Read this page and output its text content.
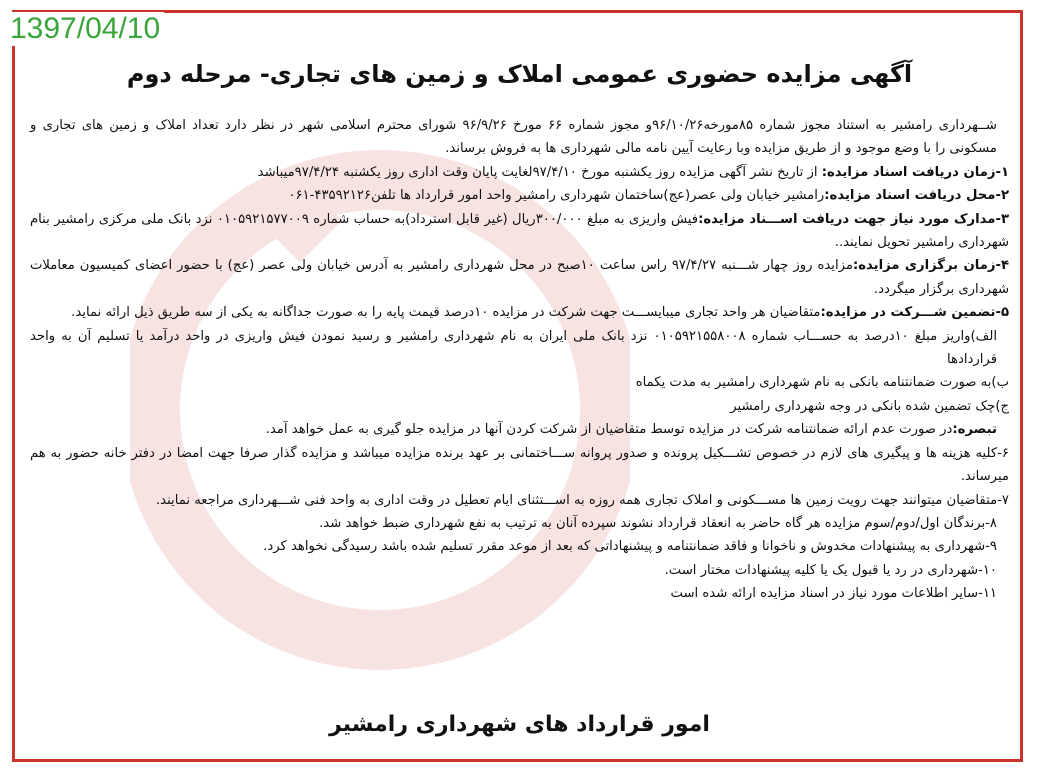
1397/04/10
آگهی مزایده حضوری عمومی املاک و زمین های تجاری- مرحله دوم

شــهرداری رامشیر به استناد مجوز شماره ۸۵مورخه۹۶/۱۰/۲۶و مجوز شماره ۶۶ مورخ ۹۶/۹/۲۶ شورای محترم اسلامی شهر در نظر دارد تعداد املاک و زمین های تجاری و مسکونی را با وضع موجود و از طریق مزایده وبا رعایت آیین نامه مالی شهرداری ها به فروش برساند.

۱-زمان دریافت اسناد مزایده: از تاریخ نشر آگهی مزایده روز یکشنبه مورخ ۹۷/۴/۱۰لغایت پایان وقت اداری روز یکشنبه ۹۷/۴/۲۴میباشد

۲-محل دریافت اسناد مزایده:رامشیر خیابان ولی عصر(عج)ساختمان شهرداری رامشیر واحد امور قرارداد ها تلفن۴۳۵۹۲۱۲۶-۰۶۱

۳-مدارک مورد نیاز جهت دریافت اســـناد مزایده:فیش واریزی به مبلغ ۳۰۰/۰۰۰ریال (غیر قابل استرداد)به حساب شماره ۰۱۰۵۹۲۱۵۷۷۰۰۹ نزد بانک ملی مرکزی رامشیر بنام شهرداری رامشیر تحویل نمایند..

۴-زمان برگزاری مزایده:مزایده روز چهار شـــنبه ۹۷/۴/۲۷ راس ساعت ۱۰صبح در محل شهرداری رامشیر به آدرس خیابان ولی عصر (عج) با حضور اعضای کمیسیون معاملات شهرداری برگزار میگردد.

۵-تضمین شـــرکت در مزایده:متقاضیان هر واحد تجاری میبایســـت جهت شرکت در مزایده ۱۰درصد قیمت پایه را به صورت جداگانه به یکی از سه طریق ذیل ارائه نماید.

الف)واریز مبلغ ۱۰درصد به حســـاب شماره ۰۱۰۵۹۲۱۵۵۸۰۰۸ نزد بانک ملی ایران به نام شهرداری رامشیر و رسید نمودن فیش واریزی در واحد درآمد یا تسلیم آن به واحد قراردادها

ب)به صورت ضمانتنامه بانکی به نام شهرداری رامشیر به مدت یکماه

ج)چک تضمین شده بانکی در وجه شهرداری رامشیر

تبصره:در صورت عدم ارائه ضمانتنامه شرکت در مزایده توسط متقاضیان از شرکت کردن آنها در مزایده جلو گیری به عمل خواهد آمد.

۶-کلیه هزینه ها و پیگیری های لازم در خصوص تشـــکیل پرونده و صدور پروانه ســـاختمانی بر عهد برنده مزایده میباشد و مزایده گذار صرفا جهت امضا در دفتر خانه حضور به هم میرساند.

۷-متقاضیان میتوانند جهت رویت زمین ها مســـکونی و املاک تجاری همه روزه به اســـتثنای ایام تعطیل در وقت اداری به واحد فنی شـــهرداری مراجعه نمایند.

۸-برندگان اول/دوم/سوم مزایده هر گاه حاضر به انعقاد قرارداد نشوند سپرده آنان به ترتیب به نفع شهرداری ضبط خواهد شد.

۹-شهرداری به پیشنهادات مخدوش و ناخوانا و فاقد ضمانتنامه و پیشنهاداتی که بعد از موعد مقرر تسلیم شده باشد رسیدگی نخواهد کرد.

۱۰-شهرداری در رد یا قبول یک یا کلیه پیشنهادات مختار است.

۱۱-سایر اطلاعات مورد نیاز در اسناد مزایده ارائه شده است

امور قرارداد های شهرداری رامشیر
